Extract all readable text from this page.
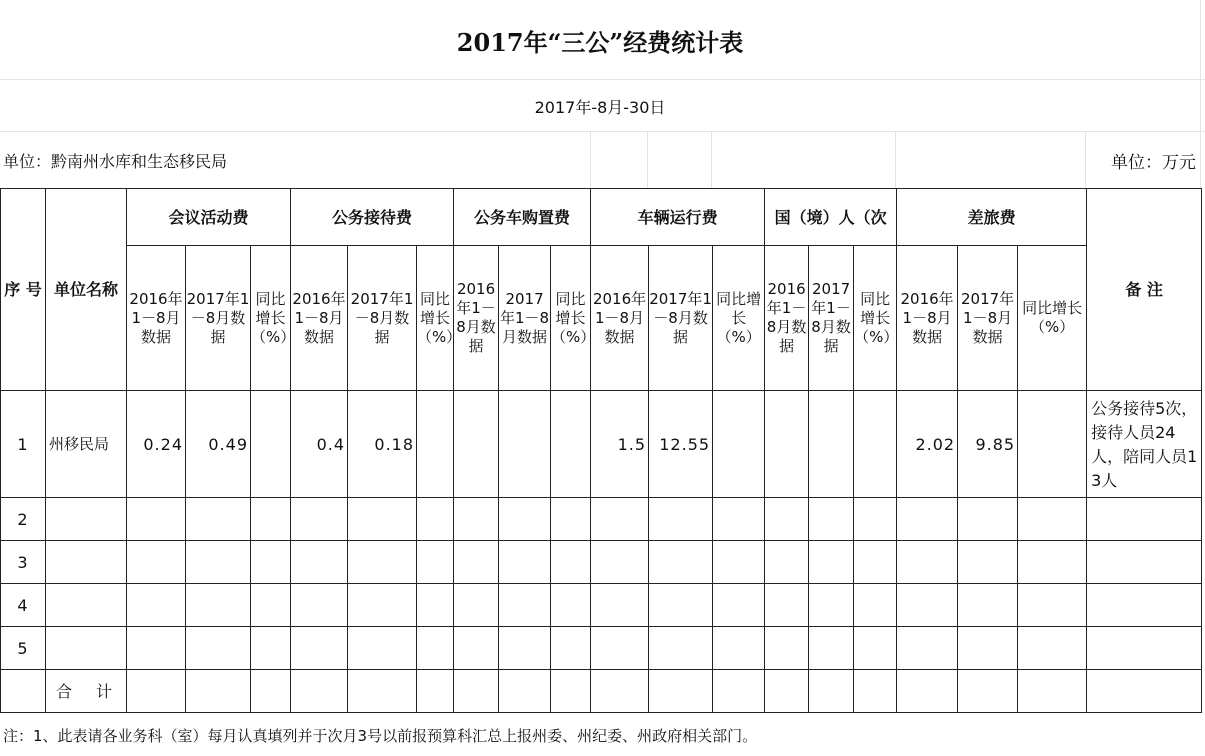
2017年“三公”经费统计表
2017年-8月-30日
单位：黔南州水库和生态移民局	单位：万元
序 号	单位名称	会议活动费			公务接待费			公务车购置费			车辆运行费			国（境）人（次			差旅费			备 注
		2016年1－8月数据	2017年1－8月数据	同比增长（%）	2016年1－8月数据	2017年1－8月数据	同比增长（%）	2016年1－8月数据	2017年1－8月数据	同比增长（%）	2016年1－8月数据	2017年1－8月数据	同比增长（%）	2016年1－8月数据	2017年1－8月数据	同比增长（%）	2016年1－8月数据	2017年1－8月数据	同比增长（%）	
1	州移民局	0.24	0.49		0.4	0.18					1.5	12.55					2.02	9.85		公务接待5次，接待人员24人，陪同人员13人
2																				
3																				
4																				
5																				
	合　计																			
注：1、此表请各业务科（室）每月认真填列并于次月3号以前报预算科汇总上报州委、州纪委、州政府相关部门。
